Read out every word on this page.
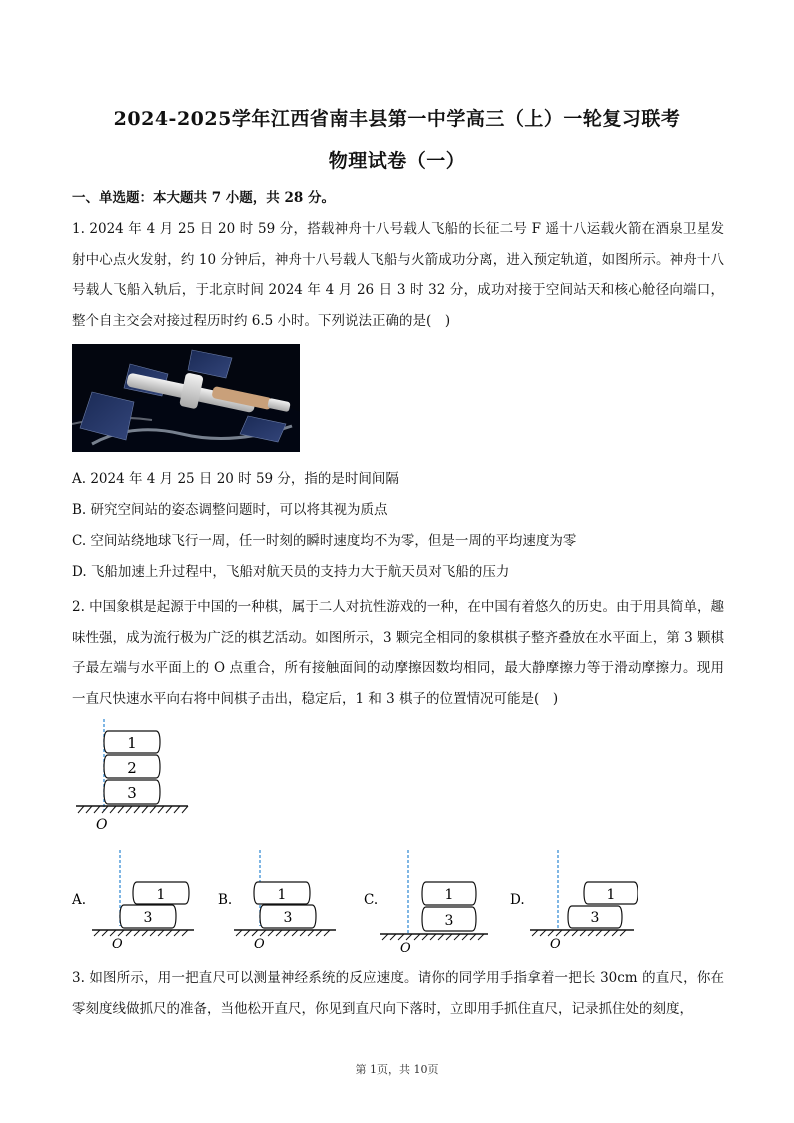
2024-2025学年江西省南丰县第一中学高三（上）一轮复习联考
物理试卷（一）
一、单选题：本大题共 7 小题，共 28 分。
1. 2024 年 4 月 25 日 20 时 59 分，搭载神舟十八号载人飞船的长征二号 F 遥十八运载火箭在酒泉卫星发射中心点火发射，约 10 分钟后，神舟十八号载人飞船与火箭成功分离，进入预定轨道，如图所示。神舟十八号载人飞船入轨后，于北京时间 2024 年 4 月 26 日 3 时 32 分，成功对接于空间站天和核心舱径向端口，整个自主交会对接过程历时约 6.5 小时。下列说法正确的是(　)
A. 2024 年 4 月 25 日 20 时 59 分，指的是时间间隔
B. 研究空间站的姿态调整问题时，可以将其视为质点
C. 空间站绕地球飞行一周，任一时刻的瞬时速度均不为零，但是一周的平均速度为零
D. 飞船加速上升过程中，飞船对航天员的支持力大于航天员对飞船的压力
2. 中国象棋是起源于中国的一种棋，属于二人对抗性游戏的一种，在中国有着悠久的历史。由于用具简单，趣味性强，成为流行极为广泛的棋艺活动。如图所示，3 颗完全相同的象棋棋子整齐叠放在水平面上，第 3 颗棋子最左端与水平面上的 O 点重合，所有接触面间的动摩擦因数均相同，最大静摩擦力等于滑动摩擦力。现用一直尺快速水平向右将中间棋子击出，稳定后，1 和 3 棋子的位置情况可能是(　)
1
2
3
O
A.	1
3
O
B.	1
3
O
C.	1
3
O
D.	1
3
O
3. 如图所示，用一把直尺可以测量神经系统的反应速度。请你的同学用手指拿着一把长 30cm 的直尺，你在零刻度线做抓尺的准备，当他松开直尺，你见到直尺向下落时，立即用手抓住直尺，记录抓住处的刻度，
第 1页，共 10页
